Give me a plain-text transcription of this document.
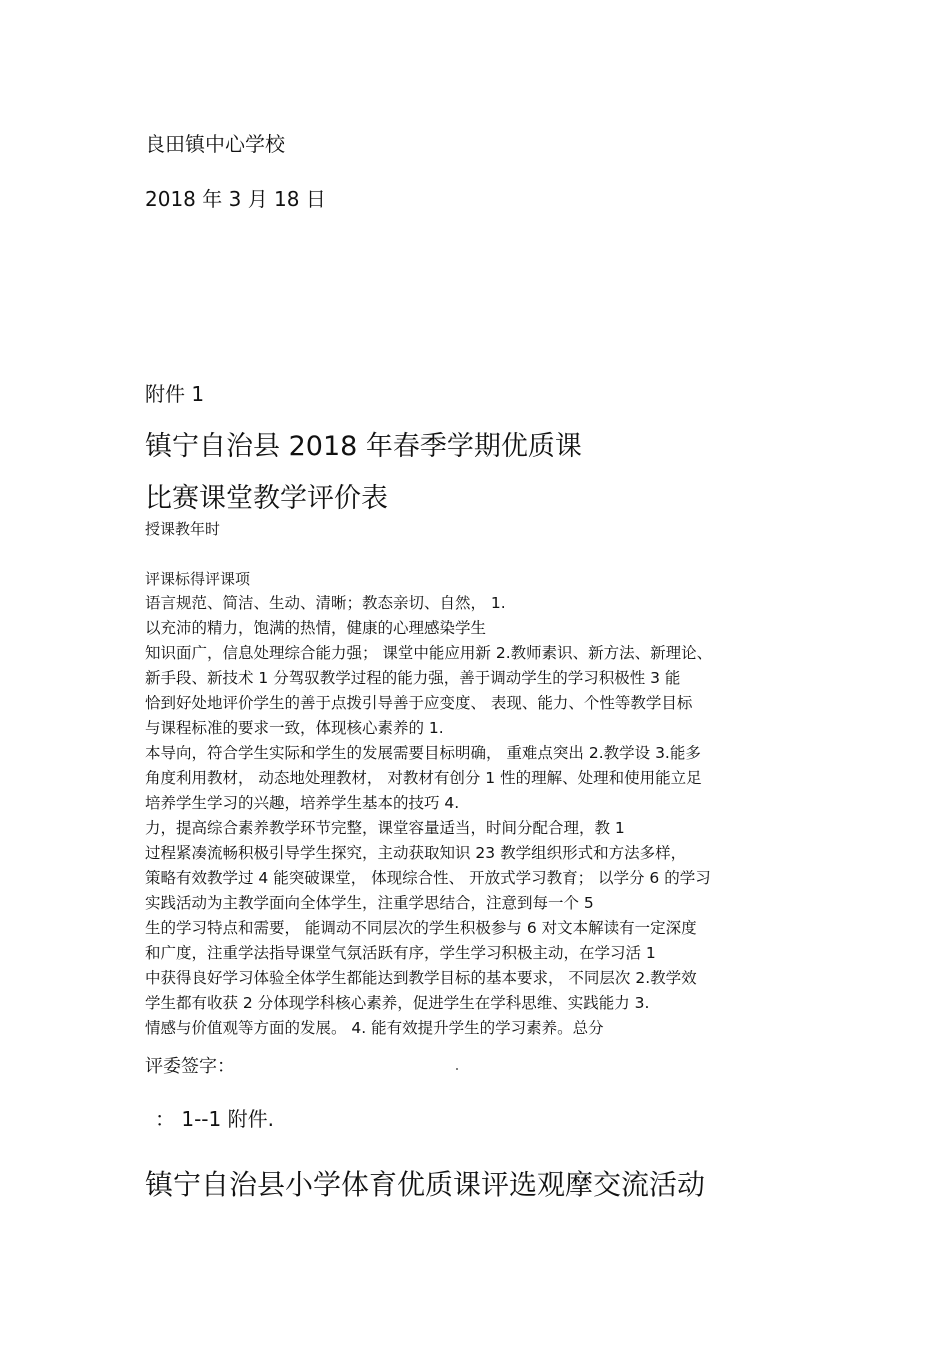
良田镇中心学校
2018 年 3 月 18 日
附件 1
镇宁自治县 2018 年春季学期优质课
比赛课堂教学评价表
授课教年时
评课标得评课项
语言规范、简洁、生动、清晰；教态亲切、自然， 1.
以充沛的精力，饱满的热情，健康的心理感染学生
知识面广，信息处理综合能力强； 课堂中能应用新 2.教师素识、新方法、新理论、
新手段、新技术 1 分驾驭教学过程的能力强，善于调动学生的学习积极性 3 能
恰到好处地评价学生的善于点拨引导善于应变度、 表现、能力、个性等教学目标
与课程标准的要求一致，体现核心素养的 1.
本导向，符合学生实际和学生的发展需要目标明确， 重难点突出 2.教学设 3.能多
角度利用教材， 动态地处理教材， 对教材有创分 1 性的理解、处理和使用能立足
培养学生学习的兴趣，培养学生基本的技巧 4.
力，提高综合素养教学环节完整，课堂容量适当，时间分配合理，教 1
过程紧凑流畅积极引导学生探究，主动获取知识 23 教学组织形式和方法多样，
策略有效教学过 4 能突破课堂， 体现综合性、 开放式学习教育； 以学分 6 的学习
实践活动为主教学面向全体学生，注重学思结合，注意到每一个 5
生的学习特点和需要， 能调动不同层次的学生积极参与 6 对文本解读有一定深度
和广度，注重学法指导课堂气氛活跃有序，学生学习积极主动，在学习活 1
中获得良好学习体验全体学生都能达到教学目标的基本要求， 不同层次 2.教学效
学生都有收获 2 分体现学科核心素养，促进学生在学科思维、实践能力 3.
情感与价值观等方面的发展。 4. 能有效提升学生的学习素养。总分
评委签字：
： 1--1 附件.
镇宁自治县小学体育优质课评选观摩交流活动
